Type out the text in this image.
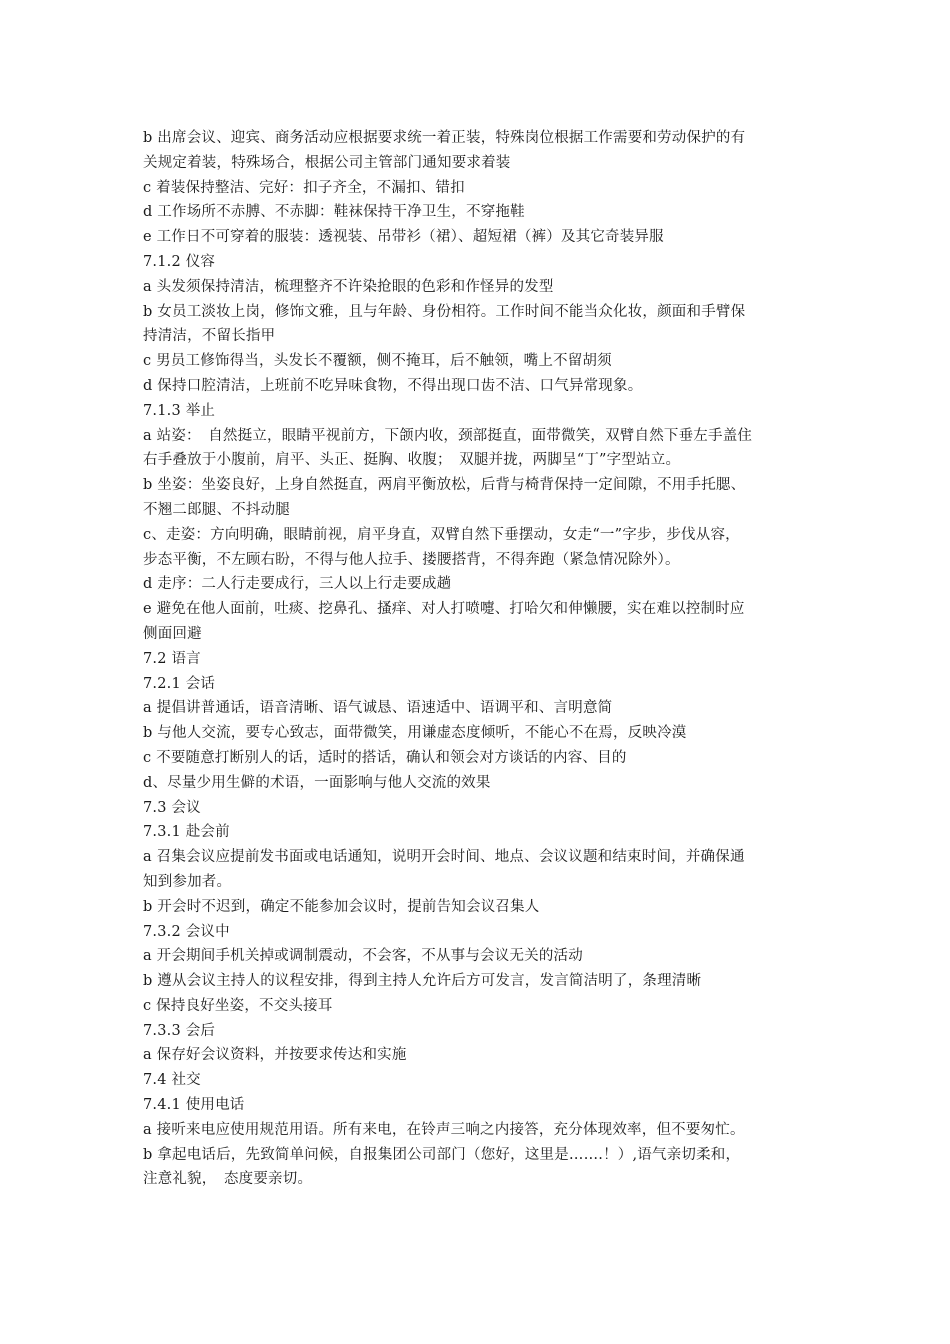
b 出席会议、迎宾、商务活动应根据要求统一着正装，特殊岗位根据工作需要和劳动保护的有
关规定着装，特殊场合，根据公司主管部门通知要求着装
c 着装保持整洁、完好：扣子齐全，不漏扣、错扣
d 工作场所不赤膊、不赤脚：鞋袜保持干净卫生，不穿拖鞋
e 工作日不可穿着的服装：透视装、吊带衫（裙）、超短裙（裤）及其它奇装异服
7.1.2 仪容
a 头发须保持清洁，梳理整齐不许染抢眼的色彩和作怪异的发型
b 女员工淡妆上岗，修饰文雅，且与年龄、身份相符。工作时间不能当众化妆，颜面和手臂保
持清洁，不留长指甲
c 男员工修饰得当，头发长不覆额，侧不掩耳，后不触领，嘴上不留胡须
d 保持口腔清洁，上班前不吃异味食物，不得出现口齿不洁、口气异常现象。
7.1.3 举止
a 站姿：　自然挺立，眼睛平视前方，下颌内收，颈部挺直，面带微笑，双臂自然下垂左手盖住
右手叠放于小腹前，肩平、头正、挺胸、收腹；　双腿并拢，两脚呈“丁”字型站立。
b 坐姿：坐姿良好，上身自然挺直，两肩平衡放松，后背与椅背保持一定间隙，不用手托腮、
不翘二郎腿、不抖动腿
c、走姿：方向明确，眼睛前视，肩平身直，双臂自然下垂摆动，女走“一”字步，步伐从容，
步态平衡，不左顾右盼，不得与他人拉手、搂腰搭背，不得奔跑（紧急情况除外）。
d 走序：二人行走要成行，三人以上行走要成趟
e 避免在他人面前，吐痰、挖鼻孔、搔痒、对人打喷嚏、打哈欠和伸懒腰，实在难以控制时应
侧面回避
7.2 语言
7.2.1 会话
a 提倡讲普通话，语音清晰、语气诚恳、语速适中、语调平和、言明意简
b 与他人交流，要专心致志，面带微笑，用谦虚态度倾听，不能心不在焉，反映冷漠
c 不要随意打断别人的话，适时的搭话，确认和领会对方谈话的内容、目的
d、尽量少用生僻的术语，一面影响与他人交流的效果
7.3 会议
7.3.1 赴会前
a 召集会议应提前发书面或电话通知，说明开会时间、地点、会议议题和结束时间，并确保通
知到参加者。
b 开会时不迟到，确定不能参加会议时，提前告知会议召集人
7.3.2 会议中
a 开会期间手机关掉或调制震动，不会客，不从事与会议无关的活动
b 遵从会议主持人的议程安排，得到主持人允许后方可发言，发言简洁明了，条理清晰
c 保持良好坐姿，不交头接耳
7.3.3 会后
a 保存好会议资料，并按要求传达和实施
7.4 社交
7.4.1 使用电话
a 接听来电应使用规范用语。所有来电，在铃声三响之内接答，充分体现效率，但不要匆忙。
b 拿起电话后，先致简单问候，自报集团公司部门（您好，这里是…….！）,语气亲切柔和，
注意礼貌，　态度要亲切。
